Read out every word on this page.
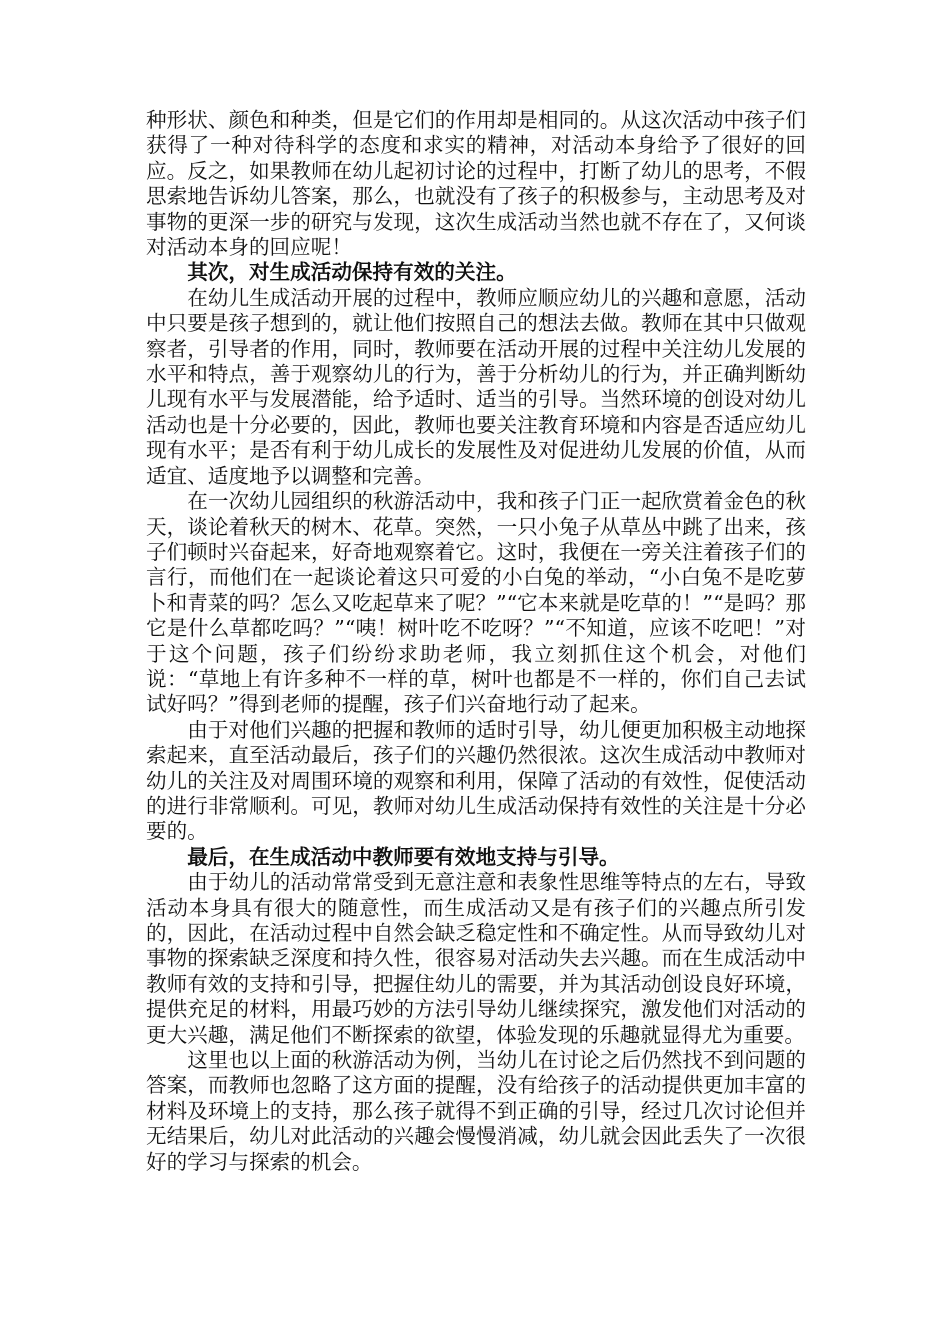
种形状、颜色和种类，但是它们的作用却是相同的。从这次活动中孩子们获得了一种对待科学的态度和求实的精神，对活动本身给予了很好的回应。反之，如果教师在幼儿起初讨论的过程中，打断了幼儿的思考，不假思索地告诉幼儿答案，那么，也就没有了孩子的积极参与，主动思考及对事物的更深一步的研究与发现，这次生成活动当然也就不存在了，又何谈对活动本身的回应呢！

其次，对生成活动保持有效的关注。

在幼儿生成活动开展的过程中，教师应顺应幼儿的兴趣和意愿，活动中只要是孩子想到的，就让他们按照自己的想法去做。教师在其中只做观察者，引导者的作用，同时，教师要在活动开展的过程中关注幼儿发展的水平和特点，善于观察幼儿的行为，善于分析幼儿的行为，并正确判断幼儿现有水平与发展潜能，给予适时、适当的引导。当然环境的创设对幼儿活动也是十分必要的，因此，教师也要关注教育环境和内容是否适应幼儿现有水平；是否有利于幼儿成长的发展性及对促进幼儿发展的价值，从而适宜、适度地予以调整和完善。

在一次幼儿园组织的秋游活动中，我和孩子门正一起欣赏着金色的秋天，谈论着秋天的树木、花草。突然，一只小兔子从草丛中跳了出来，孩子们顿时兴奋起来，好奇地观察着它。这时，我便在一旁关注着孩子们的言行，而他们在一起谈论着这只可爱的小白兔的举动，“小白兔不是吃萝卜和青菜的吗？怎么又吃起草来了呢？”“它本来就是吃草的！”“是吗？那它是什么草都吃吗？”“咦！树叶吃不吃呀？”“不知道，应该不吃吧！”对于这个问题，孩子们纷纷求助老师，我立刻抓住这个机会，对他们说：“草地上有许多种不一样的草，树叶也都是不一样的，你们自己去试试好吗？”得到老师的提醒，孩子们兴奋地行动了起来。

由于对他们兴趣的把握和教师的适时引导，幼儿便更加积极主动地探索起来，直至活动最后，孩子们的兴趣仍然很浓。这次生成活动中教师对幼儿的关注及对周围环境的观察和利用，保障了活动的有效性，促使活动的进行非常顺利。可见，教师对幼儿生成活动保持有效性的关注是十分必要的。

最后，在生成活动中教师要有效地支持与引导。

由于幼儿的活动常常受到无意注意和表象性思维等特点的左右，导致活动本身具有很大的随意性，而生成活动又是有孩子们的兴趣点所引发的，因此，在活动过程中自然会缺乏稳定性和不确定性。从而导致幼儿对事物的探索缺乏深度和持久性，很容易对活动失去兴趣。而在生成活动中教师有效的支持和引导，把握住幼儿的需要，并为其活动创设良好环境，提供充足的材料，用最巧妙的方法引导幼儿继续探究，激发他们对活动的更大兴趣，满足他们不断探索的欲望，体验发现的乐趣就显得尤为重要。

这里也以上面的秋游活动为例，当幼儿在讨论之后仍然找不到问题的答案，而教师也忽略了这方面的提醒，没有给孩子的活动提供更加丰富的材料及环境上的支持，那么孩子就得不到正确的引导，经过几次讨论但并无结果后，幼儿对此活动的兴趣会慢慢消减，幼儿就会因此丢失了一次很好的学习与探索的机会。
